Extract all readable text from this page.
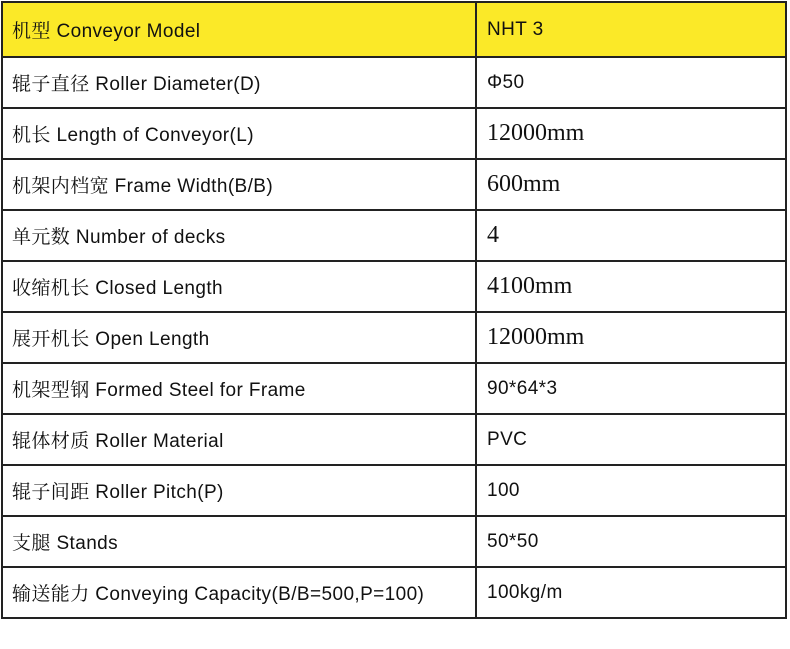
机型 Conveyor Model	NHT 3
辊子直径 Roller Diameter(D)	Φ50
机长 Length of Conveyor(L)	12000mm
机架内档宽 Frame Width(B/B)	600mm
单元数 Number of decks	4
收缩机长 Closed Length	4100mm
展开机长 Open Length	12000mm
机架型钢 Formed Steel for Frame	90*64*3
辊体材质 Roller Material	PVC
辊子间距 Roller Pitch(P)	100
支腿 Stands	50*50
输送能力 Conveying Capacity(B/B=500,P=100)	100kg/m
